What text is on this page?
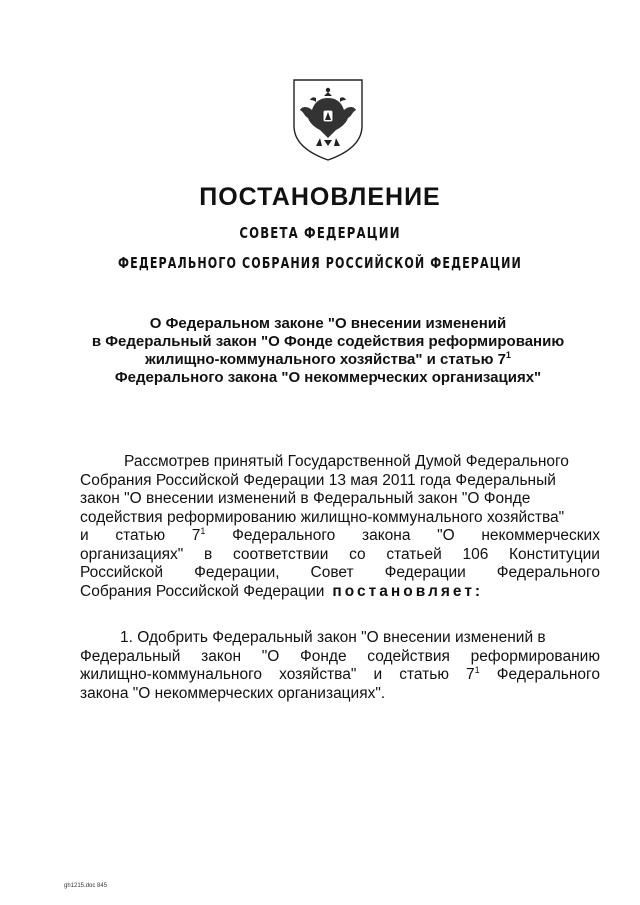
ПОСТАНОВЛЕНИЕ
СОВЕТА ФЕДЕРАЦИИ
ФЕДЕРАЛЬНОГО СОБРАНИЯ РОССИЙСКОЙ ФЕДЕРАЦИИ
О Федеральном законе "О внесении изменений
в Федеральный закон "О Фонде содействия реформированию
жилищно-коммунального хозяйства" и статью $7^1$
Федерального закона "О некоммерческих организациях"
Рассмотрев принятый Государственной Думой Федерального
Собрания Российской Федерации 13 мая 2011 года Федеральный
закон "О внесении изменений в Федеральный закон "О Фонде
содействия реформированию жилищно-коммунального хозяйства"
и статью $7^1$ Федерального закона "О некоммерческих
организациях" в соответствии со статьей 106 Конституции
Российской Федерации, Совет Федерации Федерального
Собрания Российской Федерации постановляет:
1. Одобрить Федеральный закон "О внесении изменений в
Федеральный закон "О Фонде содействия реформированию
жилищно-коммунального хозяйства" и статью $7^1$ Федерального
закона "О некоммерческих организациях".
gh1215.doc 845
